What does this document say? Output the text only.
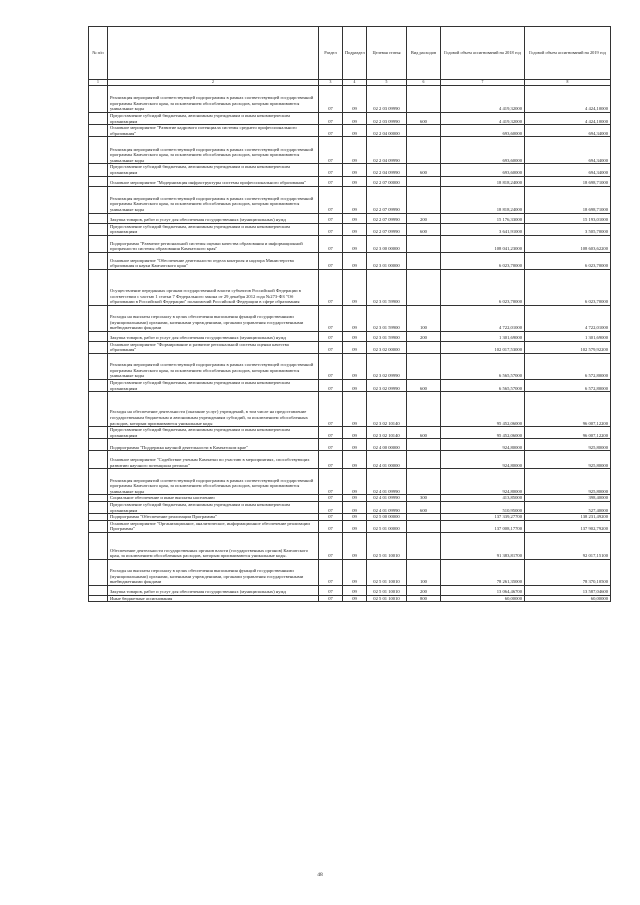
№ п/п		Раздел	Подраздел	Целевая статья	Вид расходов	Годовой объем ассигнований на 2018 год	Годовой объем ассигнований на 2019 год
1	2	3	4	5	6	7	8
	Реализация мероприятий соответствующей подпрограммы в рамках соответствующей государственной программы Камчатского края, за исключением обособленных расходов, которым присваиваются уникальные коды	07	09	02 2 03 09990		4 419,32000	4 424,10000
	Предоставление субсидий бюджетным, автономным учреждениям и иным некоммерческим организациям	07	09	02 2 03 09990	600	4 419,32000	4 424,10000
	Основное мероприятие "Развитие кадрового потенциала системы среднего профессионального образования"	07	09	02 2 04 00000		693,60000	694,34000
	Реализация мероприятий соответствующей подпрограммы в рамках соответствующей государственной программы Камчатского края, за исключением обособленных расходов, которым присваиваются уникальные коды	07	09	02 2 04 09990		693,60000	694,34000
	Предоставление субсидий бюджетным, автономным учреждениям и иным некоммерческим организациям	07	09	02 2 04 09990	600	693,60000	694,34000
	Основное мероприятие "Модернизация инфраструктуры системы профессионального образования"	07	09	02 2 07 00000		18 818,24000	18 698,71000
	Реализация мероприятий соответствующей подпрограммы в рамках соответствующей государственной программы Камчатского края, за исключением обособленных расходов, которым присваиваются уникальные коды	07	09	02 2 07 09990		18 818,24000	18 698,71000
	Закупка товаров, работ и услуг для обеспечения государственных (муниципальных) нужд	07	09	02 2 07 09990	200	15 176,33000	15 193,01000
	Предоставление субсидий бюджетным, автономным учреждениям и иным некоммерческим организациям	07	09	02 2 07 09990	600	3 641,91000	3 505,70000
	Подпрограмма "Развитие региональной системы оценки качества образования и информационной прозрачности системы образования Камчатского края"	07	09	02 3 00 00000		108 041,23000	108 603,62200
	Основное мероприятие "Обеспечение деятельности отдела контроля и надзора Министерства образования и науки Камчатского края"	07	09	02 3 01 00000		6 023,70000	6 023,70000
	Осуществление переданных органам государственной власти субъектов Российской Федерации в соответствии с частью 1 статьи 7 Федерального закона от 29 декабря 2012 года №273-ФЗ "Об образовании в Российской Федерации" полномочий Российской Федерации в сфере образования	07	09	02 3 01 59900		6 023,70000	6 023,70000
	Расходы на выплаты персоналу в целях обеспечения выполнения функций государственными (муниципальными) органами, казенными учреждениями, органами управления государственными внебюджетными фондами	07	09	02 3 01 59900	100	4 722,01000	4 722,01000
	Закупка товаров, работ и услуг для обеспечения государственных (муниципальных) нужд	07	09	02 3 01 59900	200	1 301,69000	1 301,69000
	Основное мероприятие "Формирование и развитие региональной системы оценки качества образования"	07	09	02 3 02 00000		102 017,53000	102 579,92200
	Реализация мероприятий соответствующей подпрограммы в рамках соответствующей государственной программы Камчатского края, за исключением обособленных расходов, которым присваиваются уникальные коды	07	09	02 3 02 09990		6 565,57000	6 572,80000
	Предоставление субсидий бюджетным, автономным учреждениям и иным некоммерческим организациям	07	09	02 3 02 09990	600	6 565,57000	6 572,80000
	Расходы на обеспечение деятельности (оказание услуг) учреждений, в том числе на предоставление государственным бюджетным и автономным учреждениям субсидий, за исключением обособленных расходов, которым присваиваются уникальные коды	07	09	02 3 02 10140		95 452,06000	96 007,12200
	Предоставление субсидий бюджетным, автономным учреждениям и иным некоммерческим организациям	07	09	02 3 02 10140	600	95 452,06000	96 007,12200
	Подпрограмма "Поддержка научной деятельности в Камчатском крае"	07	09	02 4 00 00000		924,80000	925,80000
	Основное мероприятие "Содействие ученым Камчатки по участию в мероприятиях, способствующих развитию научного потенциала региона"	07	09	02 4 01 00000		924,80000	925,80000
	Реализация мероприятий соответствующей подпрограммы в рамках соответствующей государственной программы Камчатского края, за исключением обособленных расходов, которым присваиваются уникальные коды	07	09	02 4 01 09990		924,80000	925,80000
	Социальное обеспечение и иные выплаты населению	07	09	02 4 01 09990	300	413,85000	398,40000
	Предоставление субсидий бюджетным, автономным учреждениям и иным некоммерческим организациям	07	09	02 4 01 09990	600	510,95000	527,40000
	Подпрограмма "Обеспечение реализации Программы"	07	09	02 5 00 00000		137 339,27700	138 231,49200
	Основное мероприятие "Организационное, аналитическое, информационное обеспечение реализации Программы"	07	09	02 5 01 00000		137 008,17700	137 902,79200
	Обеспечение деятельности государственных органов власти (государственных органов) Камчатского края, за исключением обособленных расходов, которым присваиваются уникальные коды.	07	09	02 5 01 10010		91 383,81700	92 017,15100
	Расходы на выплаты персоналу в целях обеспечения выполнения функций государственными (муниципальными) органами, казенными учреждениями, органами управления государственными внебюджетными фондами	07	09	02 5 01 10010	100	78 261,35000	78 370,10500
	Закупка товаров, работ и услуг для обеспечения государственных (муниципальных) нужд	07	09	02 5 01 10010	200	13 064,46700	13 587,04600
	Иные бюджетные ассигнования	07	09	02 5 01 10010	800	60,00000	60,00000
48
